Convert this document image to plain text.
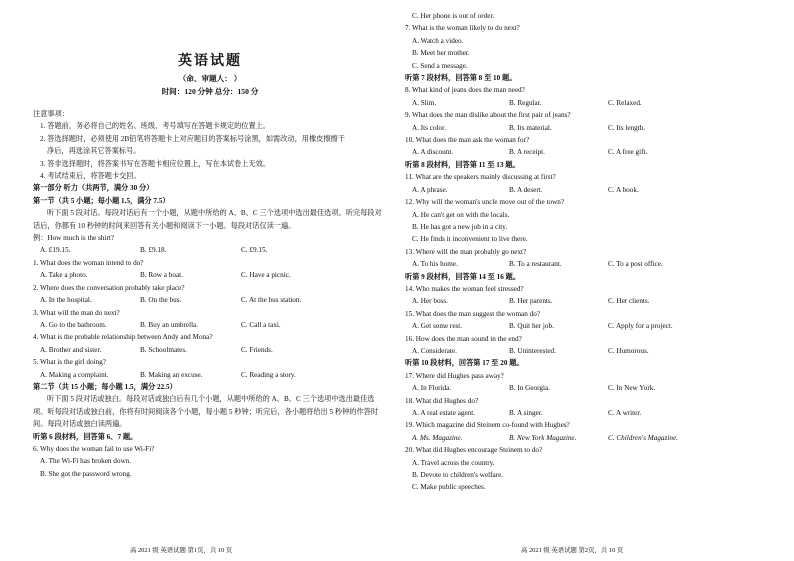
英语试题
（命、审题人： ）
时间：120 分钟 总分：150 分
注意事项：
1. 答题前，务必将自己的姓名、班级、考号填写在答题卡规定的位置上。
2. 答选择题时，必须使用 2B铅笔将答题卡上对应题目的答案标号涂黑，如需改动，用橡皮擦擦干
净后，再选涂其它答案标号。
3. 答非选择题时，将答案书写在答题卡相应位置上，写在本试卷上无效。
4. 考试结束后，将答题卡交回。
第一部分 听力（共两节，满分 30 分）
第一节（共 5 小题；每小题 1.5，满分 7.5）
听下面 5 段对话。每段对话后有一个小题，从题中所给的 A、B、C 三个选项中选出最佳选项。听完每段对话后，你都有 10 秒钟的时间来回答有关小题和阅读下一小题。每段对话仅读一遍。
例：How much is the shirt?
A. £19.15.	B. £9.18.	C. £9.15.
1. What does the woman intend to do?
A. Take a photo.	B. Row a boat.	C. Have a picnic.
2. Where does the conversation probably take place?
A. In the hospital.	B. On the bus.	C. At the bus station.
3. What will the man do next?
A. Go to the bathroom.	B. Buy an umbrella.	C. Call a taxi.
4. What is the probable relationship between Andy and Mona?
A. Brother and sister.	B. Schoolmates.	C. Friends.
5. What is the girl doing?
A. Making a complaint.	B. Making an excuse.	C. Reading a story.
第二节（共 15 小题；每小题 1.5，满分 22.5）
听下面 5 段对话或独白。每段对话或独白后有几个小题，从题中所给的 A、B、C 三个选项中选出最佳选项。听每段对话或独白前，你将有时间阅读各个小题，每小题 5 秒钟；听完后，各小题将给出 5 秒钟的作答时间。每段对话或独白读两遍。
听第 6 段材料，回答第 6、7 题。
6. Why does the woman fail to use Wi-Fi?
A. The Wi-Fi has broken down.
B. She got the password wrong.
高 2021 级 英语试题 第1页，共 10 页
C. Her phone is out of order.
7. What is the woman likely to do next?
A. Watch a video.
B. Meet her mother.
C. Send a message.
听第 7 段材料，回答第 8 至 10 题。
8. What kind of jeans does the man need?
A. Slim.	B. Regular.	C. Relaxed.
9. What does the man dislike about the first pair of jeans?
A. Its color.	B. Its material.	C. Its length.
10. What does the man ask the woman for?
A. A discount.	B. A receipt.	C. A free gift.
听第 8 段材料，回答第 11 至 13 题。
11. What are the speakers mainly discussing at first?
A. A phrase.	B. A desert.	C. A book.
12. Why will the woman's uncle move out of the town?
A. He can't get on with the locals.
B. He has got a new job in a city.
C. He finds it inconvenient to live there.
13. Where will the man probably go next?
A. To his home.	B. To a restaurant.	C. To a post office.
听第 9 段材料，回答第 14 至 16 题。
14. Who makes the woman feel stressed?
A. Her boss.	B. Her parents.	C. Her clients.
15. What does the man suggest the woman do?
A. Get some rest.	B. Quit her job.	C. Apply for a project.
16. How does the man sound in the end?
A. Considerate.	B. Uninterested.	C. Humorous.
听第 10 段材料，回答第 17 至 20 题。
17. Where did Hughes pass away?
A. In Florida.	B. In Georgia.	C. In New York.
18. What did Hughes do?
A. A real estate agent.	B. A singer.	C. A writer.
19. Which magazine did Steinem co-found with Hughes?
A. Ms. Magazine.	B. New York Magazine.	C. Children's Magazine.
20. What did Hughes encourage Steinem to do?
A. Travel across the country.
B. Devote to children's welfare.
C. Make public speeches.
高 2021 级 英语试题 第2页，共 10 页
